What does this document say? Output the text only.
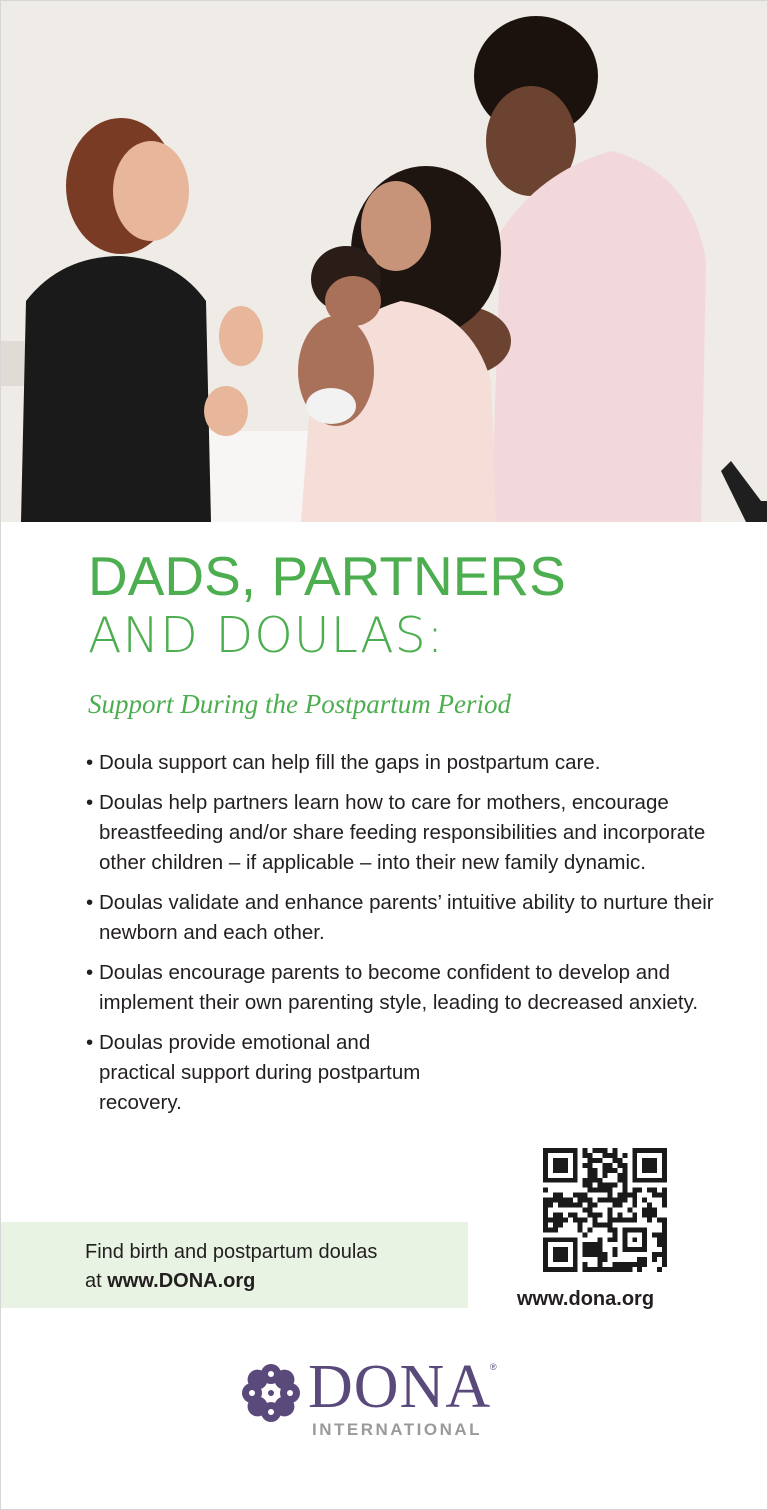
DADS, PARTNERS
AND DOULAS:

Support During the Postpartum Period

• Doula support can help fill the gaps in postpartum care.
• Doulas help partners learn how to care for mothers, encourage breastfeeding and/or share feeding responsibilities and incorporate other children – if applicable – into their new family dynamic.
• Doulas validate and enhance parents’ intuitive ability to nurture their newborn and each other.
• Doulas encourage parents to become confident to develop and implement their own parenting style, leading to decreased anxiety.
• Doulas provide emotional and practical support during postpartum recovery.

Find birth and postpartum doulas
at www.DONA.org

www.dona.org

DONA

®

INTERNATIONAL
